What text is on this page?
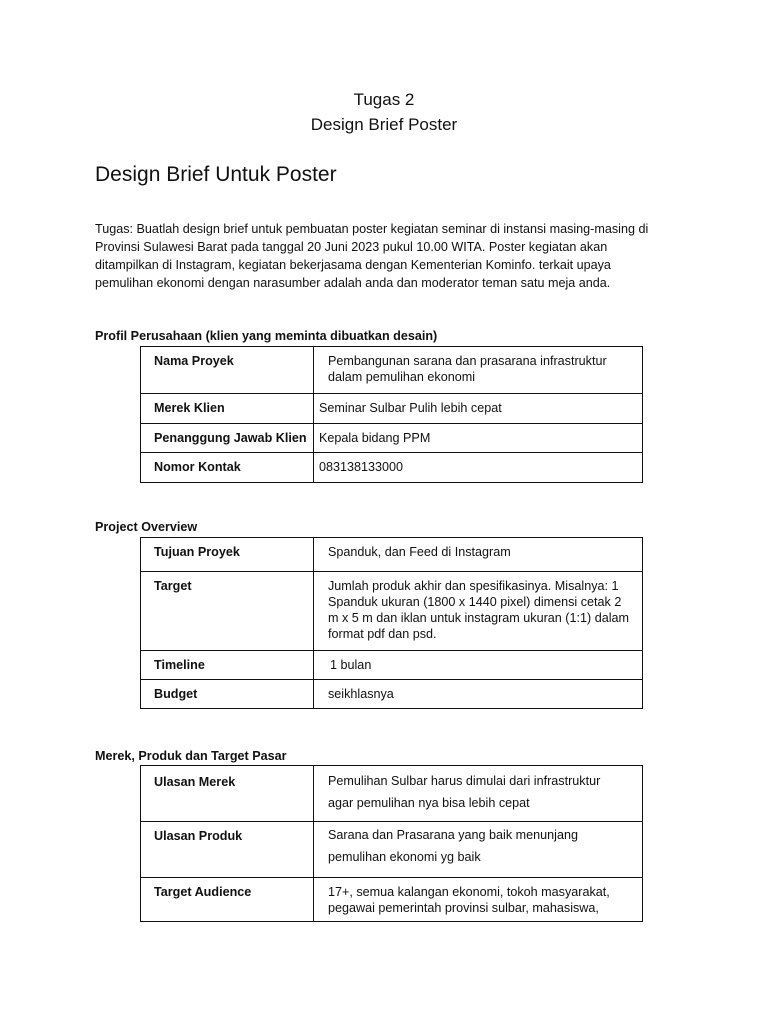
Tugas 2
Design Brief Poster
Design Brief Untuk Poster
Tugas: Buatlah design brief untuk pembuatan poster kegiatan seminar di instansi masing-masing di Provinsi Sulawesi Barat pada tanggal 20 Juni 2023 pukul 10.00 WITA. Poster kegiatan akan ditampilkan di Instagram, kegiatan bekerjasama dengan Kementerian Kominfo. terkait upaya pemulihan ekonomi dengan narasumber adalah anda dan moderator teman satu meja anda.
Profil Perusahaan (klien yang meminta dibuatkan desain)
Nama Proyek	Pembangunan sarana dan prasarana infrastruktur dalam pemulihan ekonomi
Merek Klien	Seminar Sulbar Pulih lebih cepat
Penanggung Jawab Klien	Kepala bidang PPM
Nomor Kontak	083138133000
Project Overview
Tujuan Proyek	Spanduk, dan Feed di Instagram
Target	Jumlah produk akhir dan spesifikasinya. Misalnya: 1 Spanduk ukuran (1800 x 1440 pixel) dimensi cetak 2 m x 5 m dan iklan untuk instagram ukuran (1:1) dalam format pdf dan psd.
Timeline	1 bulan
Budget	seikhlasnya
Merek, Produk dan Target Pasar
Ulasan Merek	Pemulihan Sulbar harus dimulai dari infrastruktur agar pemulihan nya bisa lebih cepat
Ulasan Produk	Sarana dan Prasarana yang baik menunjang pemulihan ekonomi yg baik
Target Audience	17+, semua kalangan ekonomi, tokoh masyarakat, pegawai pemerintah provinsi sulbar, mahasiswa,
